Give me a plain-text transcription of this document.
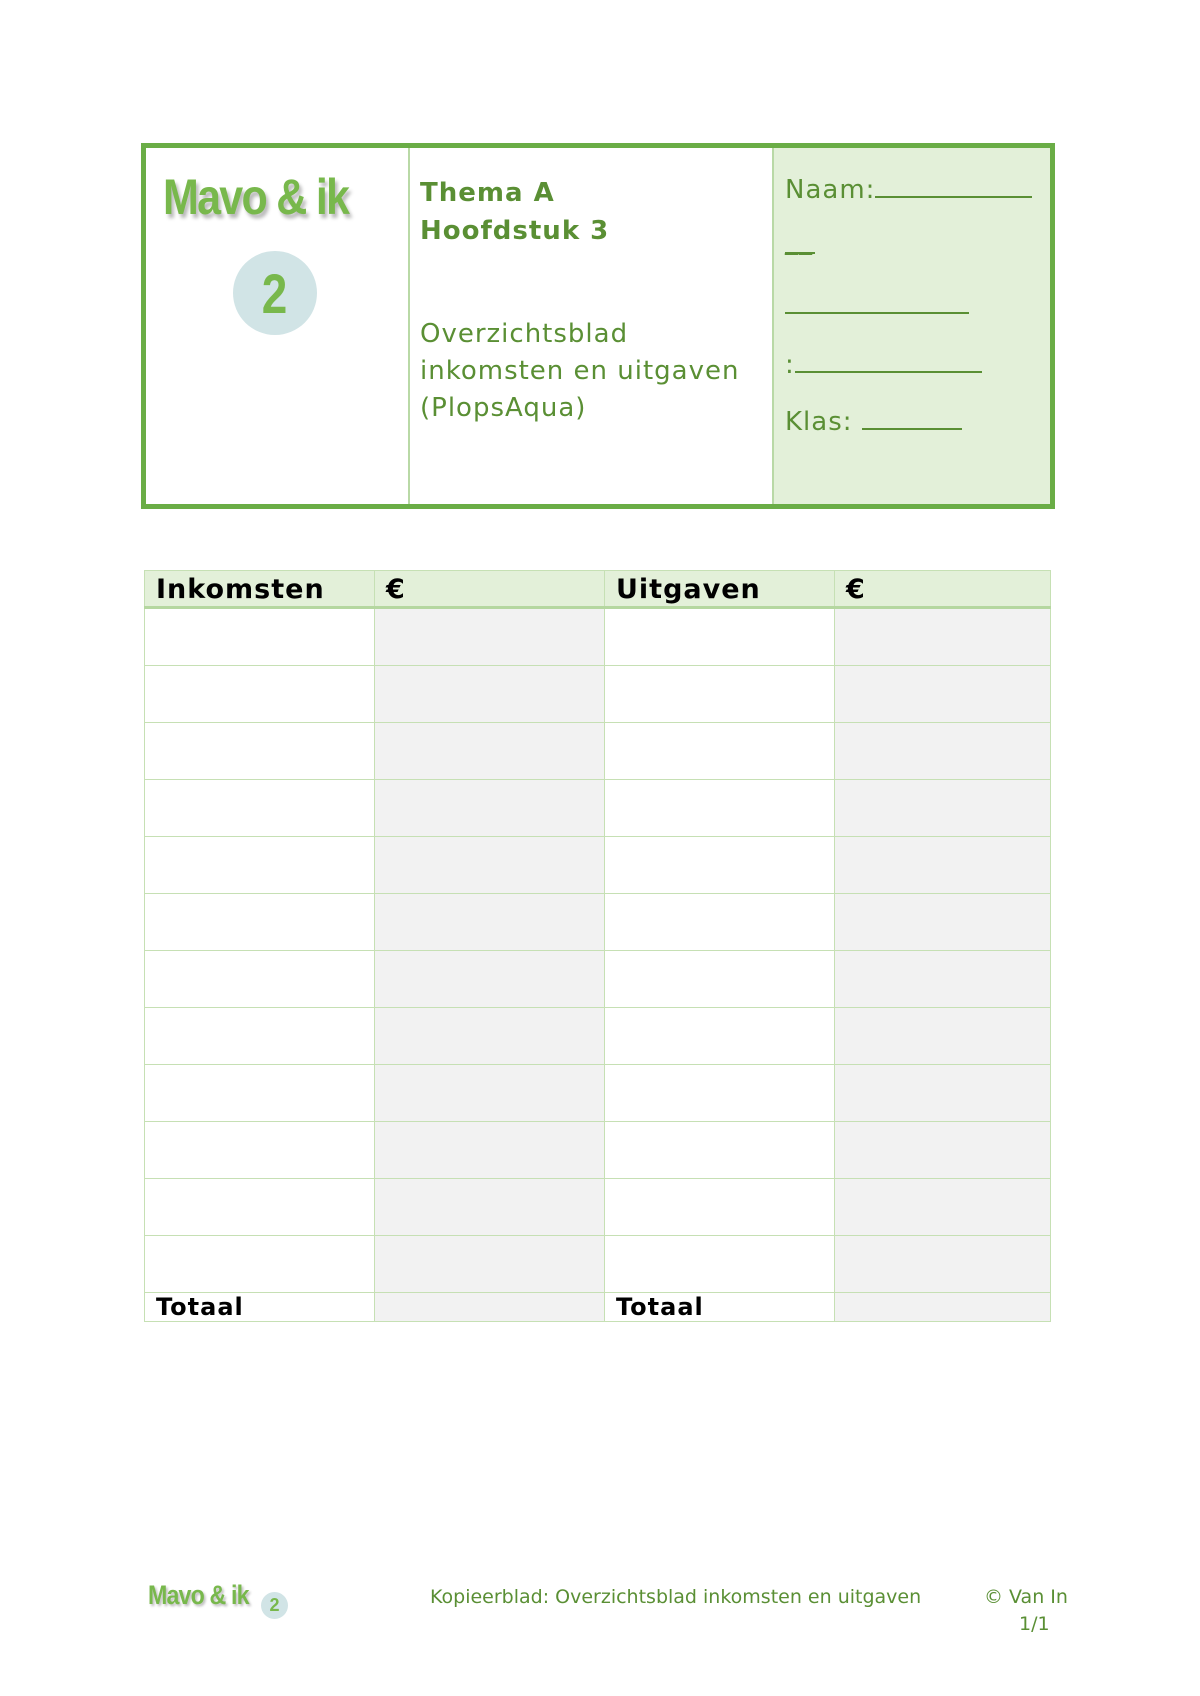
Mavo & ik
2
Thema A
Hoofdstuk 3
Overzichtsblad
inkomsten en uitgaven
(PlopsAqua)
Naam:
__
:
Klas:
Inkomsten	€	Uitgaven	€

Totaal		Totaal	
Mavo & ik 2	Kopieerblad: Overzichtsblad inkomsten en uitgaven	© Van In
1/1
